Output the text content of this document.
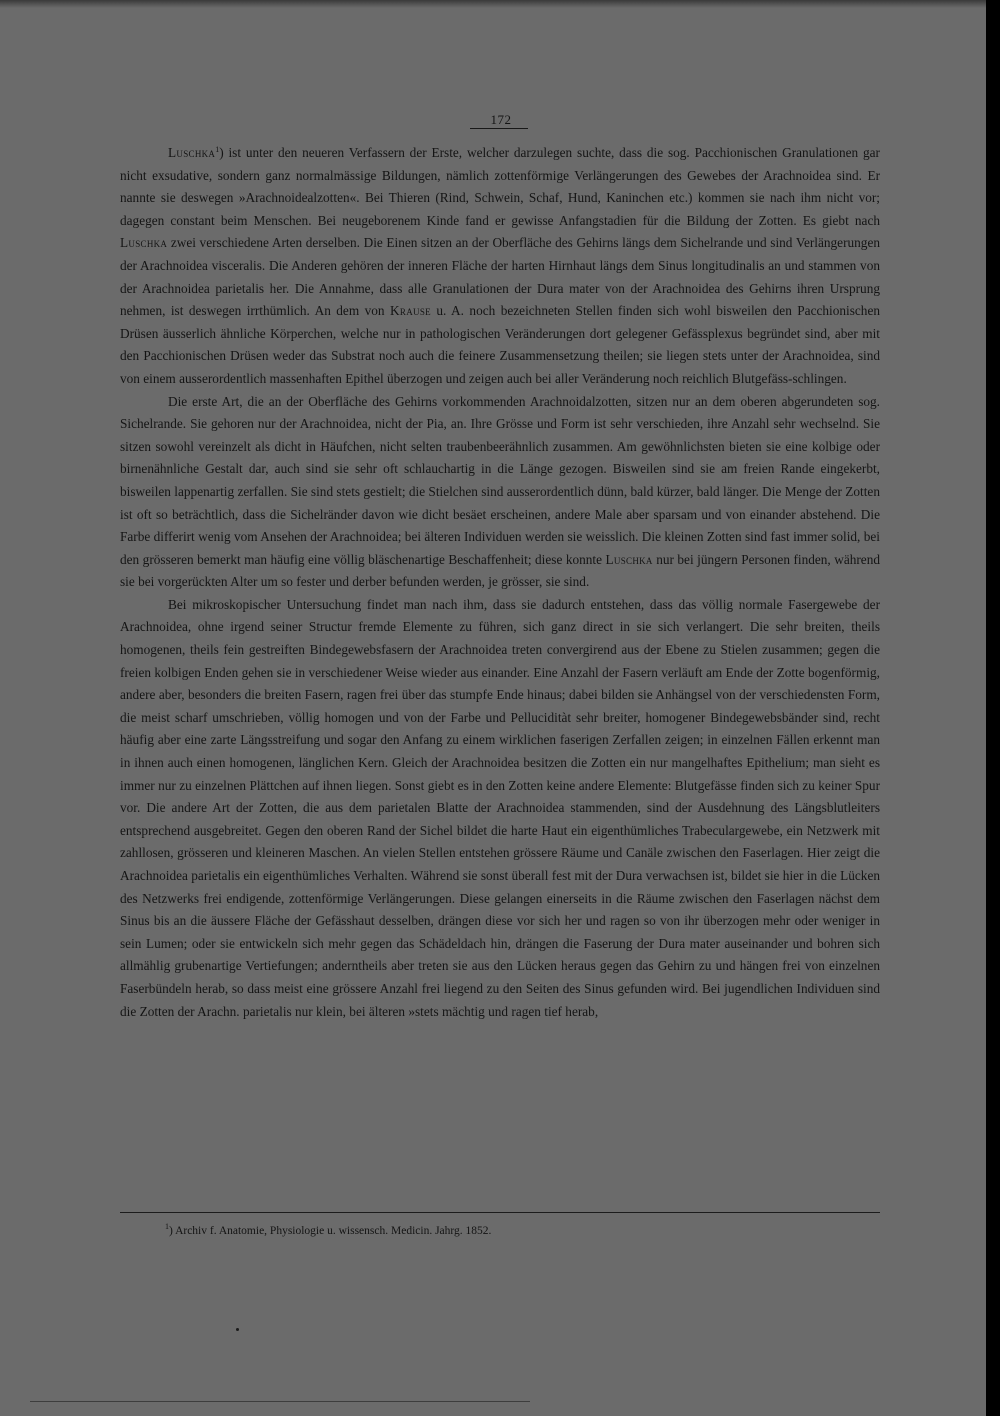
172

Luschka$^1$) ist unter den neueren Verfassern der Erste, welcher darzulegen suchte, dass die sog. Pacchionischen Granulationen gar nicht exsudative, sondern ganz normalmässige Bildungen, nämlich zottenförmige Verlängerungen des Gewebes der Arachnoidea sind. Er nannte sie deswegen »Arachnoidealzotten«. Bei Thieren (Rind, Schwein, Schaf, Hund, Kaninchen etc.) kommen sie nach ihm nicht vor; dagegen constant beim Menschen. Bei neugeborenem Kinde fand er gewisse Anfangstadien für die Bildung der Zotten. Es giebt nach Luschka zwei verschiedene Arten derselben. Die Einen sitzen an der Oberfläche des Gehirns längs dem Sichelrande und sind Verlängerungen der Arachnoidea visceralis. Die Anderen gehören der inneren Fläche der harten Hirnhaut längs dem Sinus longitudinalis an und stammen von der Arachnoidea parietalis her. Die Annahme, dass alle Granulationen der Dura mater von der Arachnoidea des Gehirns ihren Ursprung nehmen, ist deswegen irrthümlich. An dem von Krause u. A. noch bezeichneten Stellen finden sich wohl bisweilen den Pacchionischen Drüsen äusserlich ähnliche Körperchen, welche nur in pathologischen Veränderungen dort gelegener Gefässplexus begründet sind, aber mit den Pacchionischen Drüsen weder das Substrat noch auch die feinere Zusammensetzung theilen; sie liegen stets unter der Arachnoidea, sind von einem ausserordentlich massenhaften Epithel überzogen und zeigen auch bei aller Veränderung noch reichlich Blutgefäss-schlingen.

Die erste Art, die an der Oberfläche des Gehirns vorkommenden Arachnoidalzotten, sitzen nur an dem oberen abgerundeten sog. Sichelrande. Sie gehoren nur der Arachnoidea, nicht der Pia, an. Ihre Grösse und Form ist sehr verschieden, ihre Anzahl sehr wechselnd. Sie sitzen sowohl vereinzelt als dicht in Häufchen, nicht selten traubenbeerähnlich zusammen. Am gewöhnlichsten bieten sie eine kolbige oder birnenähnliche Gestalt dar, auch sind sie sehr oft schlauchartig in die Länge gezogen. Bisweilen sind sie am freien Rande eingekerbt, bisweilen lappenartig zerfallen. Sie sind stets gestielt; die Stielchen sind ausserordentlich dünn, bald kürzer, bald länger. Die Menge der Zotten ist oft so beträchtlich, dass die Sichelränder davon wie dicht besäet erscheinen, andere Male aber sparsam und von einander abstehend. Die Farbe differirt wenig vom Ansehen der Arachnoidea; bei älteren Individuen werden sie weisslich. Die kleinen Zotten sind fast immer solid, bei den grösseren bemerkt man häufig eine völlig bläschenartige Beschaffenheit; diese konnte Luschka nur bei jüngern Personen finden, während sie bei vorgerückten Alter um so fester und derber befunden werden, je grösser, sie sind.

Bei mikroskopischer Untersuchung findet man nach ihm, dass sie dadurch entstehen, dass das völlig normale Fasergewebe der Arachnoidea, ohne irgend seiner Structur fremde Elemente zu führen, sich ganz direct in sie sich verlangert. Die sehr breiten, theils homogenen, theils fein gestreiften Bindegewebsfasern der Arachnoidea treten convergirend aus der Ebene zu Stielen zusammen; gegen die freien kolbigen Enden gehen sie in verschiedener Weise wieder aus einander. Eine Anzahl der Fasern verläuft am Ende der Zotte bogenförmig, andere aber, besonders die breiten Fasern, ragen frei über das stumpfe Ende hinaus; dabei bilden sie Anhängsel von der verschiedensten Form, die meist scharf umschrieben, völlig homogen und von der Farbe und Pelluciditàt sehr breiter, homogener Bindegewebsbänder sind, recht häufig aber eine zarte Längsstreifung und sogar den Anfang zu einem wirklichen faserigen Zerfallen zeigen; in einzelnen Fällen erkennt man in ihnen auch einen homogenen, länglichen Kern. Gleich der Arachnoidea besitzen die Zotten ein nur mangelhaftes Epithelium; man sieht es immer nur zu einzelnen Plättchen auf ihnen liegen. Sonst giebt es in den Zotten keine andere Elemente: Blutgefässe finden sich zu keiner Spur vor. Die andere Art der Zotten, die aus dem parietalen Blatte der Arachnoidea stammenden, sind der Ausdehnung des Längsblutleiters entsprechend ausgebreitet. Gegen den oberen Rand der Sichel bildet die harte Haut ein eigenthümliches Trabeculargewebe, ein Netzwerk mit zahllosen, grösseren und kleineren Maschen. An vielen Stellen entstehen grössere Räume und Canäle zwischen den Faserlagen. Hier zeigt die Arachnoidea parietalis ein eigenthümliches Verhalten. Während sie sonst überall fest mit der Dura verwachsen ist, bildet sie hier in die Lücken des Netzwerks frei endigende, zottenförmige Verlängerungen. Diese gelangen einerseits in die Räume zwischen den Faserlagen nächst dem Sinus bis an die äussere Fläche der Gefässhaut desselben, drängen diese vor sich her und ragen so von ihr überzogen mehr oder weniger in sein Lumen; oder sie entwickeln sich mehr gegen das Schädeldach hin, drängen die Faserung der Dura mater auseinander und bohren sich allmählig grubenartige Vertiefungen; anderntheils aber treten sie aus den Lücken heraus gegen das Gehirn zu und hängen frei von einzelnen Faserbündeln herab, so dass meist eine grössere Anzahl frei liegend zu den Seiten des Sinus gefunden wird. Bei jugendlichen Individuen sind die Zotten der Arachn. parietalis nur klein, bei älteren »stets mächtig und ragen tief herab,

$^1$) Archiv f. Anatomie, Physiologie u. wissensch. Medicin. Jahrg. 1852.
